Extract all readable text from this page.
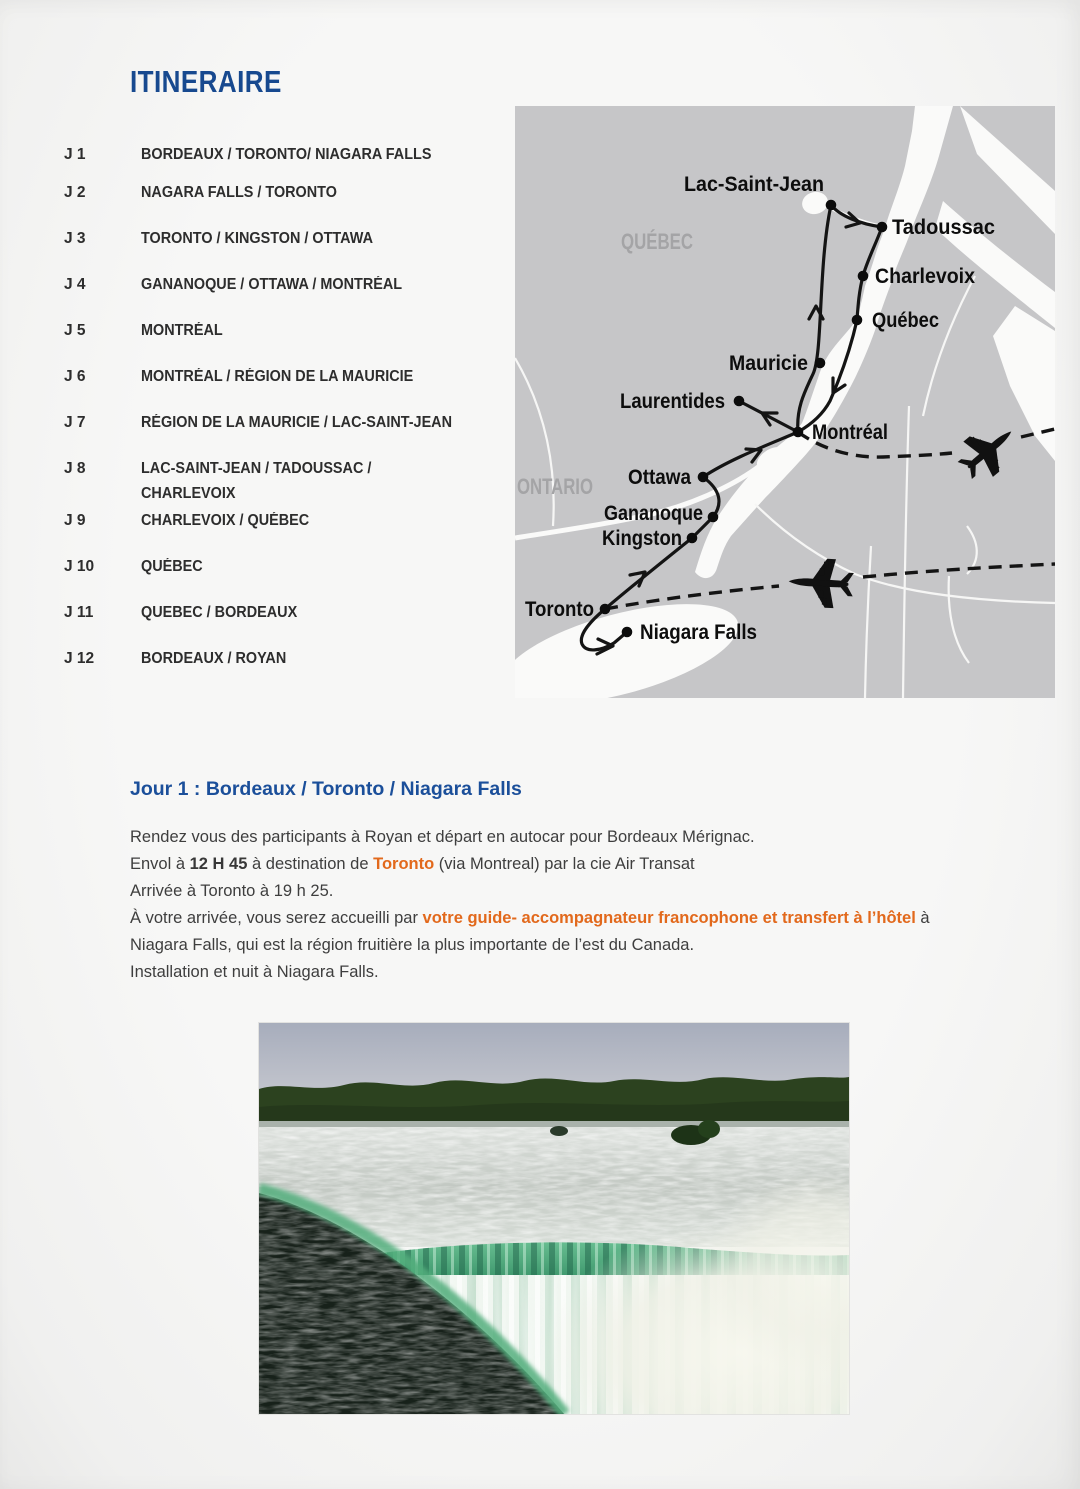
ITINERAIRE
J 1	BORDEAUX / TORONTO/ NIAGARA FALLS
J 2	NAGARA FALLS / TORONTO
J 3	TORONTO / KINGSTON / OTTAWA
J 4	GANANOQUE / OTTAWA / MONTRÉAL
J 5	MONTRÉAL
J 6	MONTRÉAL / RÉGION DE LA MAURICIE
J 7	RÉGION DE LA MAURICIE / LAC-SAINT-JEAN
J 8	LAC-SAINT-JEAN / TADOUSSAC /
CHARLEVOIX
J 9	CHARLEVOIX / QUÉBEC
J 10	QUÉBEC
J 11	QUEBEC / BORDEAUX
J 12	BORDEAUX / ROYAN
QUÉBEC
ONTARIO
Lac-Saint-Jean
Tadoussac
Charlevoix
Québec
Mauricie
Laurentides
Montréal
Ottawa
Gananoque
Kingston
Toronto
Niagara Falls
Jour 1 : Bordeaux / Toronto / Niagara Falls

Rendez vous des participants à Royan et départ en autocar pour Bordeaux Mérignac.
Envol à 12 H 45 à destination de Toronto (via Montreal) par la cie Air Transat
Arrivée à Toronto à 19 h 25.

À votre arrivée, vous serez accueilli par votre guide- accompagnateur francophone et transfert à l’hôtel à
Niagara Falls, qui est la région fruitière la plus importante de l’est du Canada.
Installation et nuit à Niagara Falls.
